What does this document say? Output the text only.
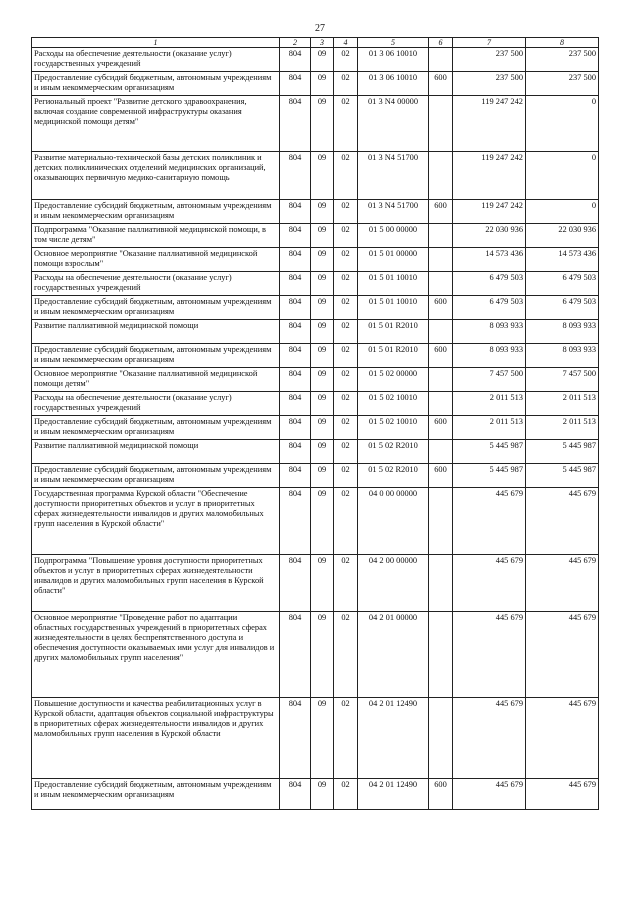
27
1	2	3	4	5	6	7	8
Расходы на обеспечение деятельности (оказание услуг) государственных учреждений	804	09	02	01 3 06 10010		237 500	237 500
Предоставление субсидий бюджетным, автономным учреждениям и иным некоммерческим организациям	804	09	02	01 3 06 10010	600	237 500	237 500
Региональный проект "Развитие детского здравоохранения, включая создание современной инфраструктуры оказания медицинской помощи детям"	804	09	02	01 3 N4 00000		119 247 242	0
Развитие материально-технической базы детских поликлиник и детских поликлинических отделений медицинских организаций, оказывающих первичную медико-санитарную помощь	804	09	02	01 3 N4 51700		119 247 242	0
Предоставление субсидий бюджетным, автономным учреждениям и иным некоммерческим организациям	804	09	02	01 3 N4 51700	600	119 247 242	0
Подпрограмма "Оказание паллиативной медицинской помощи, в том числе детям"	804	09	02	01 5 00 00000		22 030 936	22 030 936
Основное мероприятие "Оказание паллиативной медицинской помощи взрослым"	804	09	02	01 5 01 00000		14 573 436	14 573 436
Расходы на обеспечение деятельности (оказание услуг) государственных учреждений	804	09	02	01 5 01 10010		6 479 503	6 479 503
Предоставление субсидий бюджетным, автономным учреждениям и иным некоммерческим организациям	804	09	02	01 5 01 10010	600	6 479 503	6 479 503
Развитие паллиативной медицинской помощи	804	09	02	01 5 01 R2010		8 093 933	8 093 933
Предоставление субсидий бюджетным, автономным учреждениям и иным некоммерческим организациям	804	09	02	01 5 01 R2010	600	8 093 933	8 093 933
Основное мероприятие "Оказание паллиативной медицинской помощи детям"	804	09	02	01 5 02 00000		7 457 500	7 457 500
Расходы на обеспечение деятельности (оказание услуг) государственных учреждений	804	09	02	01 5 02 10010		2 011 513	2 011 513
Предоставление субсидий бюджетным, автономным учреждениям и иным некоммерческим организациям	804	09	02	01 5 02 10010	600	2 011 513	2 011 513
Развитие паллиативной медицинской помощи	804	09	02	01 5 02 R2010		5 445 987	5 445 987
Предоставление субсидий бюджетным, автономным учреждениям и иным некоммерческим организациям	804	09	02	01 5 02 R2010	600	5 445 987	5 445 987
Государственная программа Курской области "Обеспечение доступности приоритетных объектов и услуг в приоритетных сферах жизнедеятельности инвалидов и других маломобильных групп населения в Курской области"	804	09	02	04 0 00 00000		445 679	445 679
Подпрограмма "Повышение уровня доступности приоритетных объектов и услуг в приоритетных сферах жизнедеятельности инвалидов и других маломобильных групп населения в Курской области"	804	09	02	04 2 00 00000		445 679	445 679
Основное мероприятие "Проведение работ по адаптации областных государственных учреждений в приоритетных сферах жизнедеятельности в целях беспрепятственного доступа и обеспечения доступности оказываемых ими услуг для инвалидов и других маломобильных групп населения"	804	09	02	04 2 01 00000		445 679	445 679
Повышение доступности и качества реабилитационных услуг в Курской области, адаптация объектов социальной инфраструктуры в приоритетных сферах жизнедеятельности инвалидов и других маломобильных групп населения в Курской области	804	09	02	04 2 01 12490		445 679	445 679
Предоставление субсидий бюджетным, автономным учреждениям и иным некоммерческим организациям	804	09	02	04 2 01 12490	600	445 679	445 679
